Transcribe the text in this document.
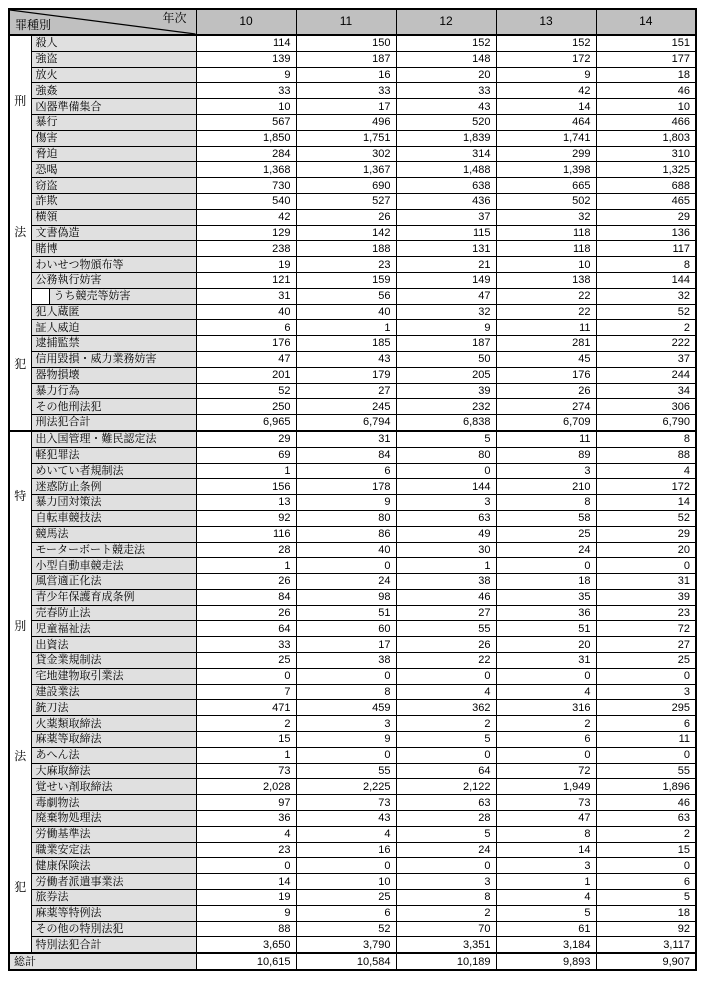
年次
罪種別			10	11	12	13	14

刑
法
犯	殺人		114	150	152	152	151
	強盗		139	187	148	172	177
	放火		9	16	20	9	18
	強姦		33	33	33	42	46
	凶器準備集合		10	17	43	14	10
	暴行		567	496	520	464	466
	傷害		1,850	1,751	1,839	1,741	1,803
	脅迫		284	302	314	299	310
	恐喝		1,368	1,367	1,488	1,398	1,325
	窃盗		730	690	638	665	688
	詐欺		540	527	436	502	465
	横領		42	26	37	32	29
	文書偽造		129	142	115	118	136
	賭博		238	188	131	118	117
	わいせつ物頒布等		19	23	21	10	8
	公務執行妨害		121	159	149	138	144
		うち競売等妨害	31	56	47	22	32
	犯人蔵匿		40	40	32	22	52
	証人威迫		6	1	9	11	2
	逮捕監禁		176	185	187	281	222
	信用毀損・威力業務妨害		47	43	50	45	37
	器物損壊		201	179	205	176	244
	暴力行為		52	27	39	26	34
	その他刑法犯		250	245	232	274	306
	刑法犯合計		6,965	6,794	6,838	6,709	6,790

特
別
法
犯	出入国管理・難民認定法		29	31	5	11	8
	軽犯罪法		69	84	80	89	88
	めいてい者規制法		1	6	0	3	4
	迷惑防止条例		156	178	144	210	172
	暴力団対策法		13	9	3	8	14
	自転車競技法		92	80	63	58	52
	競馬法		116	86	49	25	29
	モーターボート競走法		28	40	30	24	20
	小型自動車競走法		1	0	1	0	0
	風営適正化法		26	24	38	18	31
	青少年保護育成条例		84	98	46	35	39
	売春防止法		26	51	27	36	23
	児童福祉法		64	60	55	51	72
	出資法		33	17	26	20	27
	貸金業規制法		25	38	22	31	25
	宅地建物取引業法		0	0	0	0	0
	建設業法		7	8	4	4	3
	銃刀法		471	459	362	316	295
	火薬類取締法		2	3	2	2	6
	麻薬等取締法		15	9	5	6	11
	あへん法		1	0	0	0	0
	大麻取締法		73	55	64	72	55
	覚せい剤取締法		2,028	2,225	2,122	1,949	1,896
	毒劇物法		97	73	63	73	46
	廃棄物処理法		36	43	28	47	63
	労働基準法		4	4	5	8	2
	職業安定法		23	16	24	14	15
	健康保険法		0	0	0	3	0
	労働者派遣事業法		14	10	3	1	6
	旅券法		19	25	8	4	5
	麻薬等特例法		9	6	2	5	18
	その他の特別法犯		88	52	70	61	92
	特別法犯合計		3,650	3,790	3,351	3,184	3,117
総計			10,615	10,584	10,189	9,893	9,907
